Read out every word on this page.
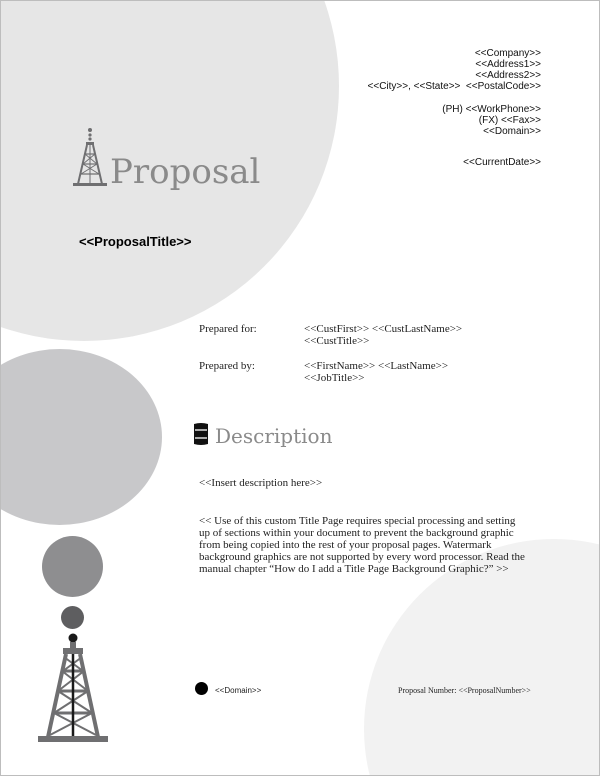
<<Company>>
<<Address1>>
<<Address2>>
<<City>>, <<State>>  <<PostalCode>>
(PH) <<WorkPhone>>
(FX) <<Fax>>
<<Domain>>
<<CurrentDate>>
Proposal
<<ProposalTitle>>
Prepared for:	<<CustFirst>> <<CustLastName>>
<<CustTitle>>
Prepared by:	<<FirstName>> <<LastName>>
<<JobTitle>>
Description
<<Insert description here>>
<< Use of this custom Title Page requires special processing and setting up of sections within your document to prevent the background graphic from being copied into the rest of your proposal pages. Watermark background graphics are not supported by every word processor. Read the manual chapter “How do I add a Title Page Background Graphic?” >>
<<Domain>>	Proposal Number: <<ProposalNumber>>
